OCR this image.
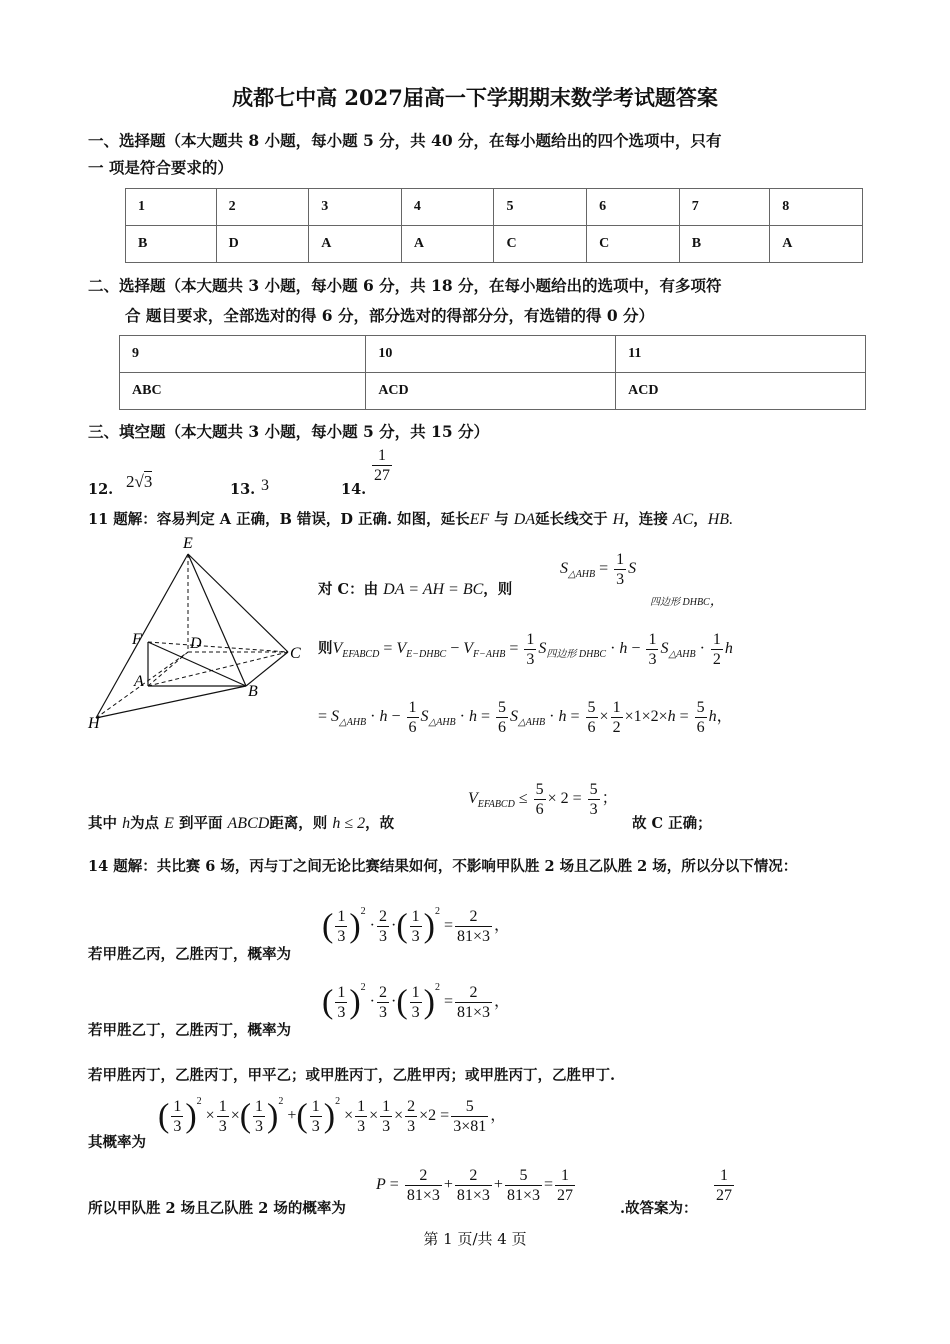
成都七中高 2027届高一下学期期末数学考试题答案
一、选择题（本大题共 8 小题，每小题 5 分，共 40 分，在每小题给出的四个选项中，只有
一 项是符合要求的）
1	2	3	4	5	6	7	8
B	D	A	A	C	C	B	A
二、选择题（本大题共 3 小题，每小题 6 分，共 18 分，在每小题给出的选项中，有多项符
合 题目要求，全部选对的得 6 分，部分选对的得部分分，有选错的得 0 分）
9	10	11
ABC	ACD	ACD
三、填空题（本大题共 3 小题，每小题 5 分，共 15 分）
12. 2√3	13. 3	14.
$\frac{1}{27}$
11 题解：容易判定 A 正确，B 错误，D 正确. 如图，延长EF 与 DA延长线交于 H，连接 AC，HB.
E
F	D
C
A
B
H
对 C：由 DA = AH = BC，则
$S_{\triangle AHB} = \frac{1}{3}$ S
四边形 DHBC，
则$V_{EFABCD} = V_{E-DHBC} - V_{F-AHB} = \frac{1}{3} S_{四边形 DHBC} \cdot h - \frac{1}{3} S_{\triangle AHB} \cdot \frac{1}{2}$ h
= $S_{\triangle AHB} \cdot h - \frac{1}{6} S_{\triangle AHB} \cdot h = \frac{5}{6} S_{\triangle AHB} \cdot h = \frac{5}{6} \times \frac{1}{2} \times 1\times 2\times h = \frac{5}{6}$ h，
其中 h为点 E 到平面 ABCD距离，则 h ≤ 2，故
$V_{EFABCD} \le \frac{5}{6} \times 2 = \frac{5}{3}$ ；
故 C 正确；
14 题解：共比赛 6 场，丙与丁之间无论比赛结果如何，不影响甲队胜 2 场且乙队胜 2 场，所以分以下情况：
若甲胜乙丙，乙胜丙丁，概率为
( $\frac{1}{3} )^2 \cdot \frac{2}{3}$ ·( $\frac{1}{3} )^2 = \frac{2}{81\times 3}$ ，
若甲胜乙丁，乙胜丙丁，概率为
( $\frac{1}{3} )^2 \cdot \frac{2}{3}$ ·( $\frac{1}{3} )^2 = \frac{2}{81\times 3}$ ，
若甲胜丙丁，乙胜丙丁，甲平乙；或甲胜丙丁，乙胜甲丙；或甲胜丙丁，乙胜甲丁.
其概率为
( $\frac{1}{3} )^2 \times \frac{1}{3}$ ×( $\frac{1}{3} )^2$ +( $\frac{1}{3} )^2 \times \frac{1}{3} \times \frac{1}{3} \times \frac{2}{3} \times 2 = \frac{5}{3\times 81}$ ，
所以甲队胜 2 场且乙队胜 2 场的概率为
$P = \frac{2}{81\times 3} + \frac{2}{81\times 3} + \frac{5}{81\times 3} = \frac{1}{27}$
.故答案为：
$\frac{1}{27}$
第 1 页/共 4 页
